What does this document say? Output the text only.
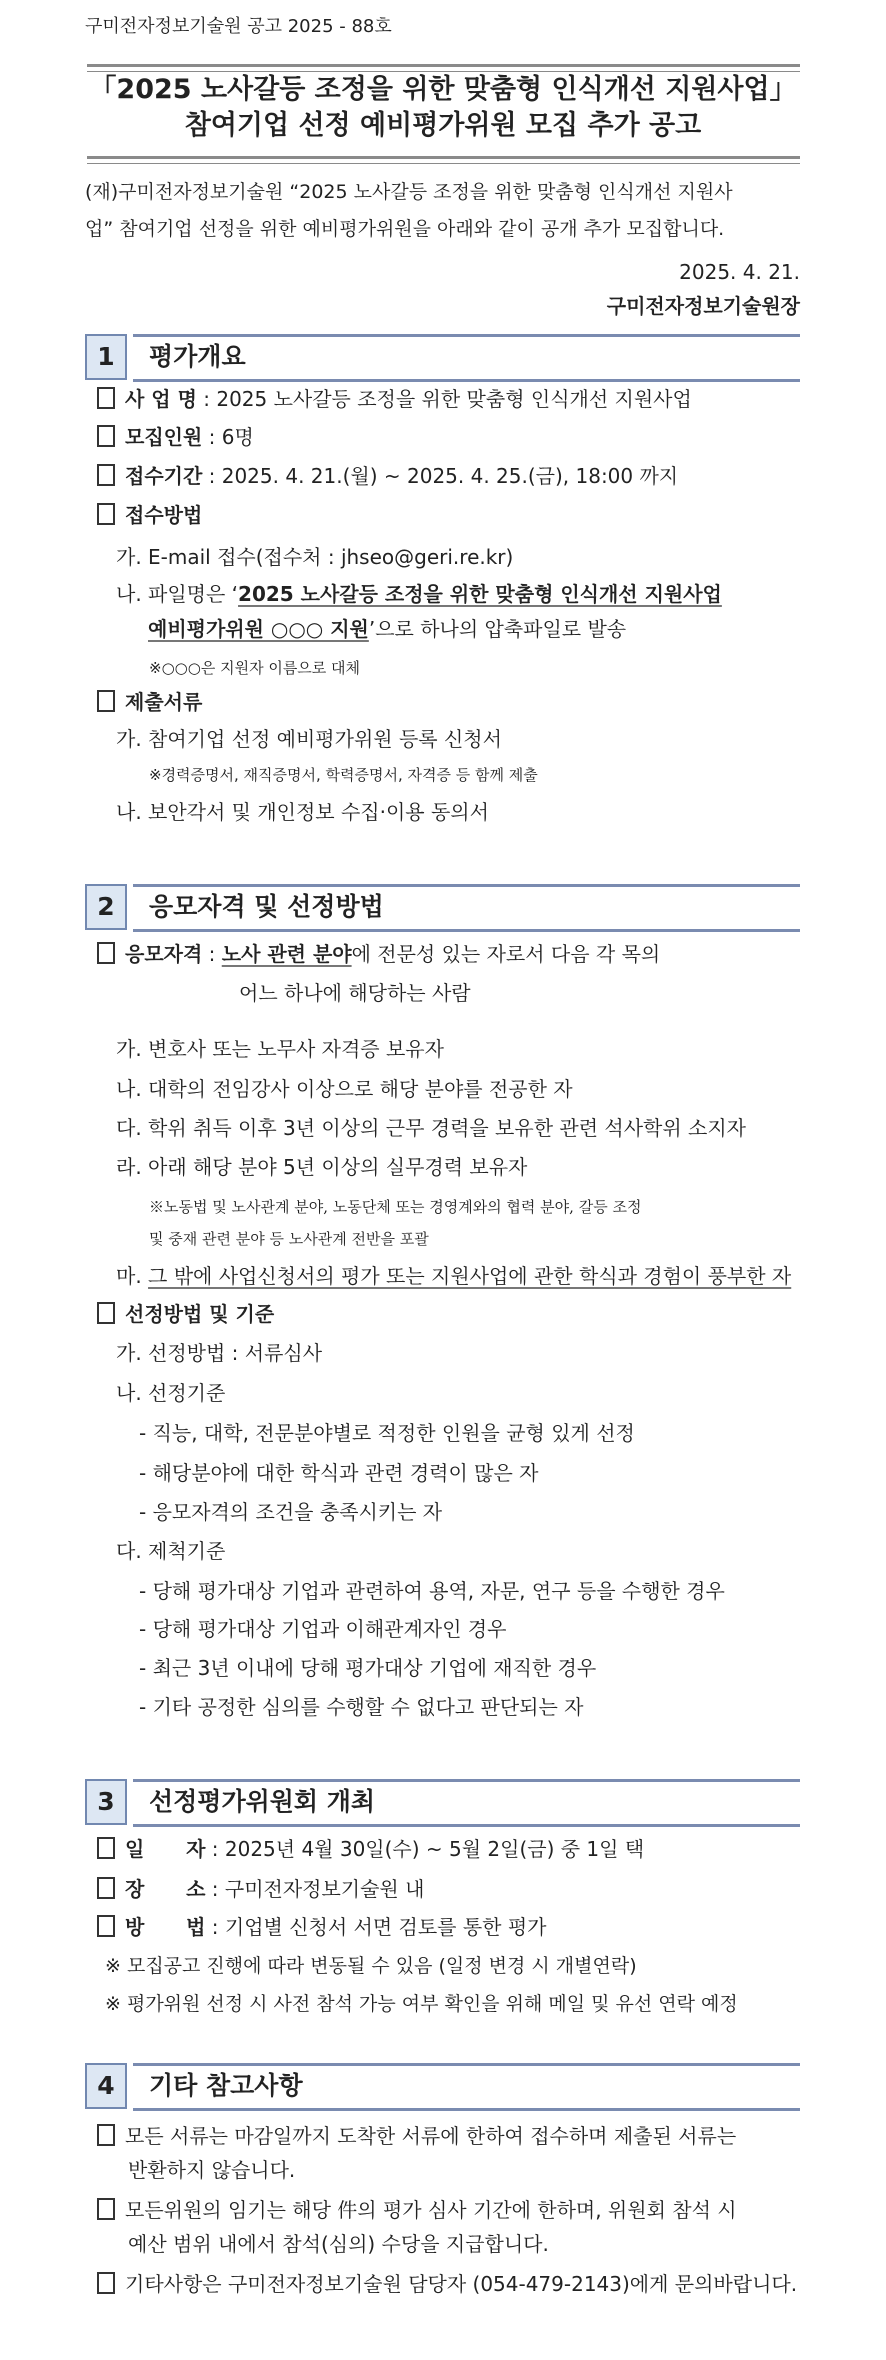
구미전자정보기술원 공고 2025 - 88호
「2025 노사갈등 조정을 위한 맞춤형 인식개선 지원사업」
참여기업 선정 예비평가위원 모집 추가 공고
(재)구미전자정보기술원 “2025 노사갈등 조정을 위한 맞춤형 인식개선 지원사
업” 참여기업 선정을 위한 예비평가위원을 아래와 같이 공개 추가 모집합니다.
2025. 4. 21.
구미전자정보기술원장
1	평가개요
사 업 명 : 2025 노사갈등 조정을 위한 맞춤형 인식개선 지원사업
모집인원 : 6명
접수기간 : 2025. 4. 21.(월) ~ 2025. 4. 25.(금), 18:00 까지
접수방법
가. E-mail 접수(접수처 : jhseo@geri.re.kr)
나. 파일명은 ‘2025 노사갈등 조정을 위한 맞춤형 인식개선 지원사업
예비평가위원 ○○○ 지원’으로 하나의 압축파일로 발송
※○○○은 지원자 이름으로 대체
제출서류
가. 참여기업 선정 예비평가위원 등록 신청서
※경력증명서, 재직증명서, 학력증명서, 자격증 등 함께 제출
나. 보안각서 및 개인정보 수집·이용 동의서
2	응모자격 및 선정방법
응모자격 : 노사 관련 분야에 전문성 있는 자로서 다음 각 목의
어느 하나에 해당하는 사람
가. 변호사 또는 노무사 자격증 보유자
나. 대학의 전임강사 이상으로 해당 분야를 전공한 자
다. 학위 취득 이후 3년 이상의 근무 경력을 보유한 관련 석사학위 소지자
라. 아래 해당 분야 5년 이상의 실무경력 보유자
※노동법 및 노사관계 분야, 노동단체 또는 경영계와의 협력 분야, 갈등 조정
및 중재 관련 분야 등 노사관계 전반을 포괄
마. 그 밖에 사업신청서의 평가 또는 지원사업에 관한 학식과 경험이 풍부한 자
선정방법 및 기준
가. 선정방법 : 서류심사
나. 선정기준
- 직능, 대학, 전문분야별로 적정한 인원을 균형 있게 선정
- 해당분야에 대한 학식과 관련 경력이 많은 자
- 응모자격의 조건을 충족시키는 자
다. 제척기준
- 당해 평가대상 기업과 관련하여 용역, 자문, 연구 등을 수행한 경우
- 당해 평가대상 기업과 이해관계자인 경우
- 최근 3년 이내에 당해 평가대상 기업에 재직한 경우
- 기타 공정한 심의를 수행할 수 없다고 판단되는 자
3	선정평가위원회 개최
일      자 : 2025년 4월 30일(수) ~ 5월 2일(금) 중 1일 택
장      소 : 구미전자정보기술원 내
방      법 : 기업별 신청서 서면 검토를 통한 평가
※ 모집공고 진행에 따라 변동될 수 있음 (일정 변경 시 개별연락)
※ 평가위원 선정 시 사전 참석 가능 여부 확인을 위해 메일 및 유선 연락 예정
4	기타 참고사항
모든 서류는 마감일까지 도착한 서류에 한하여 접수하며 제출된 서류는
반환하지 않습니다.
모든위원의 임기는 해당 件의 평가 심사 기간에 한하며, 위원회 참석 시
예산 범위 내에서 참석(심의) 수당을 지급합니다.
기타사항은 구미전자정보기술원 담당자 (054-479-2143)에게 문의바랍니다.
